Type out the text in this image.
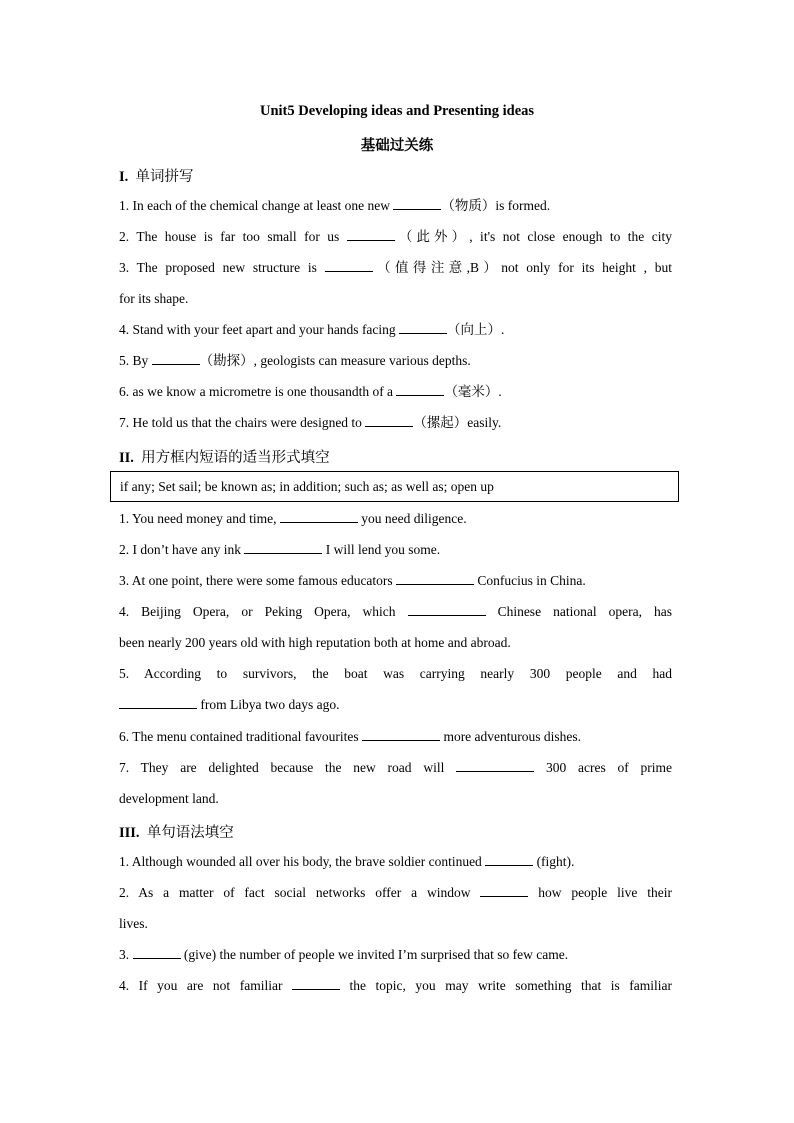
Unit5 Developing ideas and Presenting ideas
基础过关练
I. 单词拼写
1. In each of the chemical change at least one new	（物质）is formed.
2. The house is far too small for us	（此外）, it's not close enough to the city
3. The proposed new structure is	（值得注意,B）not only for its height , but
for its shape.
4. Stand with your feet apart and your hands facing	（向上）.
5. By	（勘探）, geologists can measure various depths.
6. as we know a micrometre is one thousandth of a	（毫米）.
7. He told us that the chairs were designed to	（摞起）easily.
II. 用方框内短语的适当形式填空
if any; Set sail; be known as; in addition; such as; as well as; open up
1. You need money and time,	you need diligence.
2. I don’t have any ink	I will lend you some.
3. At one point, there were some famous educators	Confucius in China.
4. Beijing Opera, or Peking Opera, which	Chinese national opera, has
been nearly 200 years old with high reputation both at home and abroad.
5. According to survivors, the boat was carrying nearly 300 people and had
from Libya two days ago.
6. The menu contained traditional favourites	more adventurous dishes.
7. They are delighted because the new road will	300 acres of prime
development land.
III. 单句语法填空
1. Although wounded all over his body, the brave soldier continued	(fight).
2. As a matter of fact social networks offer a window	how people live their
lives.
3.	(give) the number of people we invited I’m surprised that so few came.
4. If you are not familiar	the topic, you may write something that is familiar
